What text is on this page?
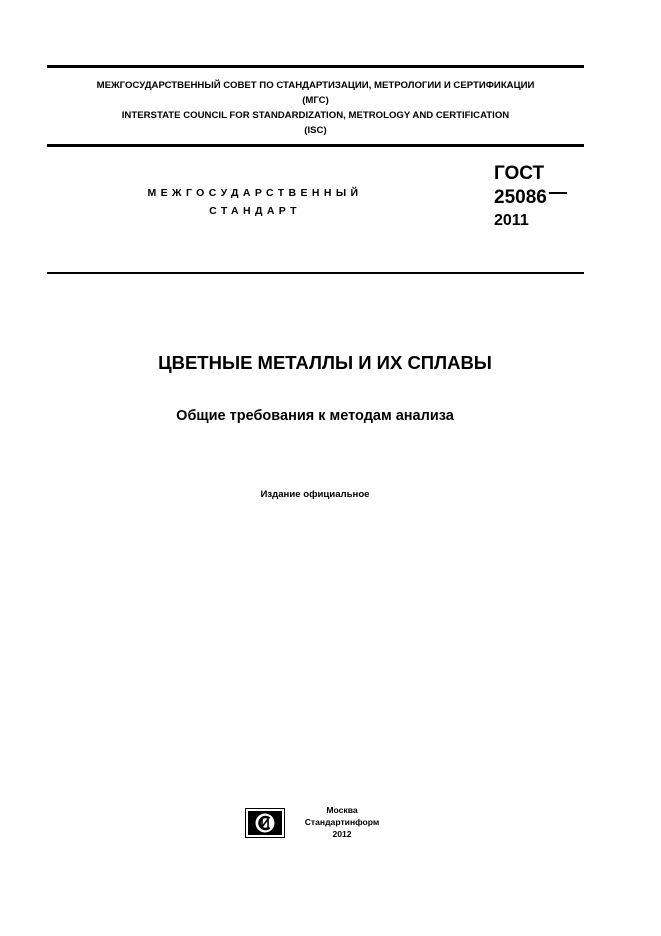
МЕЖГОСУДАРСТВЕННЫЙ СОВЕТ ПО СТАНДАРТИЗАЦИИ, МЕТРОЛОГИИ И СЕРТИФИКАЦИИ
(МГС)
INTERSTATE COUNCIL FOR STANDARDIZATION, METROLOGY AND CERTIFICATION
(ISC)
МЕЖГОСУДАРСТВЕННЫЙ
СТАНДАРТ
ГОСТ
25086
2011
ЦВЕТНЫЕ МЕТАЛЛЫ И ИХ СПЛАВЫ
Общие требования к методам анализа
Издание официальное
Москва
Стандартинформ
2012
